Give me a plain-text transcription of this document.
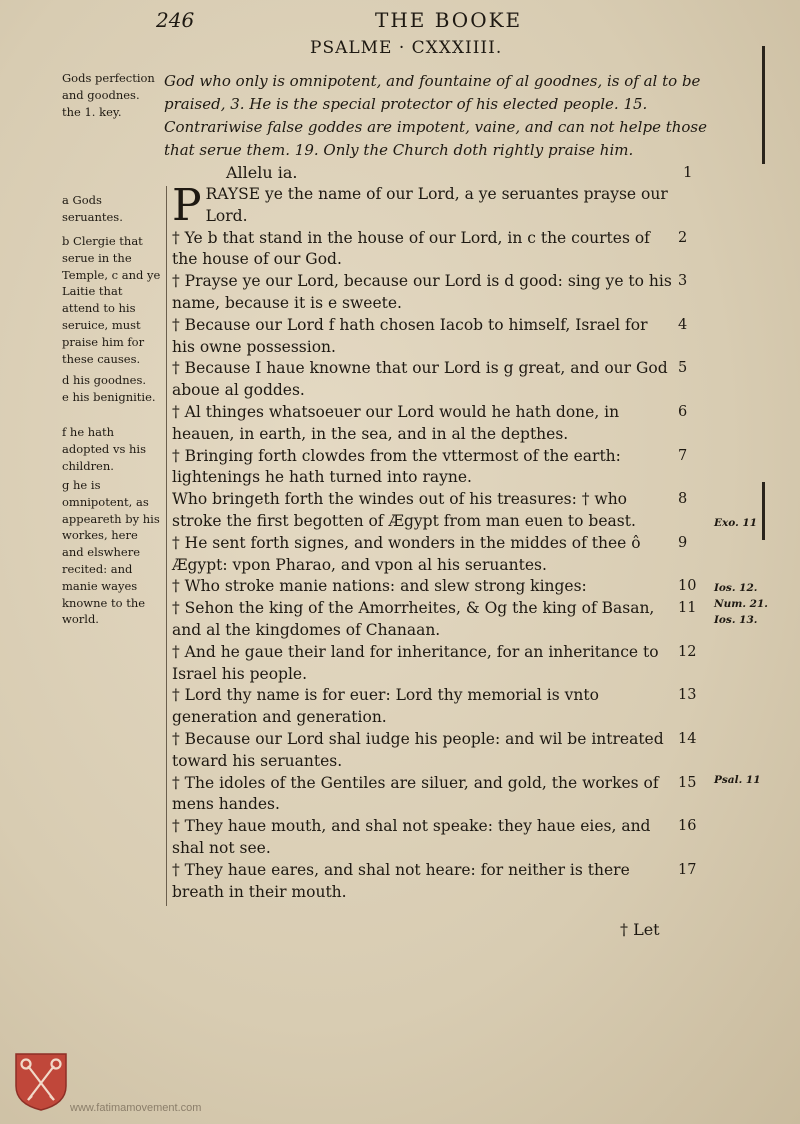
246	THE BOOKE
PSALME · CXXXIIII.
God who only is omnipotent, and fountaine of al goodnes, is of al to be praised, 3. He is the special protector of his elected people. 15. Contrariwise false goddes are impotent, vaine, and can not helpe those that serue them. 19. Only the Church doth rightly praise him.
Gods perfection and goodnes. the 1. key.
a Gods seruantes.
b Clergie that serue in the Temple, c and ye Laitie that attend to his seruice, must praise him for these causes.
d his goodnes.
e his benignitie.
f he hath adopted vs his children.
g he is omnipotent, as appeareth by his workes, here and elswhere recited: and manie wayes knowne to the world.
Allelu ia.	1

PRAYSE ye the name of our Lord, a ye seruantes prayse our Lord.

† Ye b that stand in the house of our Lord, in c the courtes of the house of our God.

† Prayse ye our Lord, because our Lord is d good: sing ye to his name, because it is e sweete.

† Because our Lord f hath chosen Iacob to himself, Israel for his owne possession.

† Because I haue knowne that our Lord is g great, and our God aboue al goddes.

† Al thinges whatsoeuer our Lord would he hath done, in heauen, in earth, in the sea, and in al the depthes.

† Bringing forth clowdes from the vttermost of the earth: lightenings he hath turned into rayne.

Who bringeth forth the windes out of his treasures: † who stroke the first begotten of Ægypt from man euen to beast.

† He sent forth signes, and wonders in the middes of thee ô Ægypt: vpon Pharao, and vpon al his seruantes.

† Who stroke manie nations: and slew strong kinges:

† Sehon the king of the Amorrheites, & Og the king of Basan, and al the kingdomes of Chanaan.

† And he gaue their land for inheritance, for an inheritance to Israel his people.

† Lord thy name is for euer: Lord thy memorial is vnto generation and generation.

† Because our Lord shal iudge his people: and wil be intreated toward his seruantes.

† The idoles of the Gentiles are siluer, and gold, the workes of mens handes.

† They haue mouth, and shal not speake: they haue eies, and shal not see.

† They haue eares, and shal not heare: for neither is there breath in their mouth.

2
3
4
5
6
7
8
9
10
11
12
13
14
15
16
17
Exo. 11
Ios. 12.
Num. 21.
Ios. 13.
Psal. 11
† Let
www.fatimamovement.com
